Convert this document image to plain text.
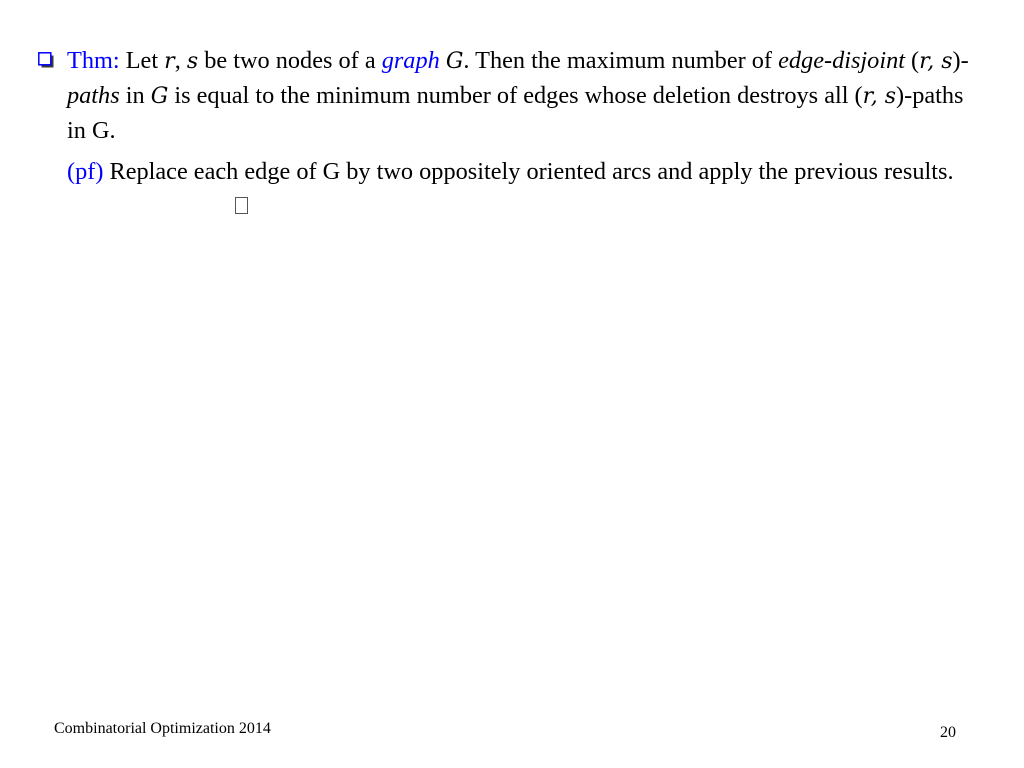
Thm: Let r, s be two nodes of a graph G. Then the maximum number of edge-disjoint (r, s)-paths in G is equal to the minimum number of edges whose deletion destroys all (r, s)-paths in G.

(pf) Replace each edge of G by two oppositely oriented arcs and apply the previous results.

Combinatorial Optimization 2014	20
